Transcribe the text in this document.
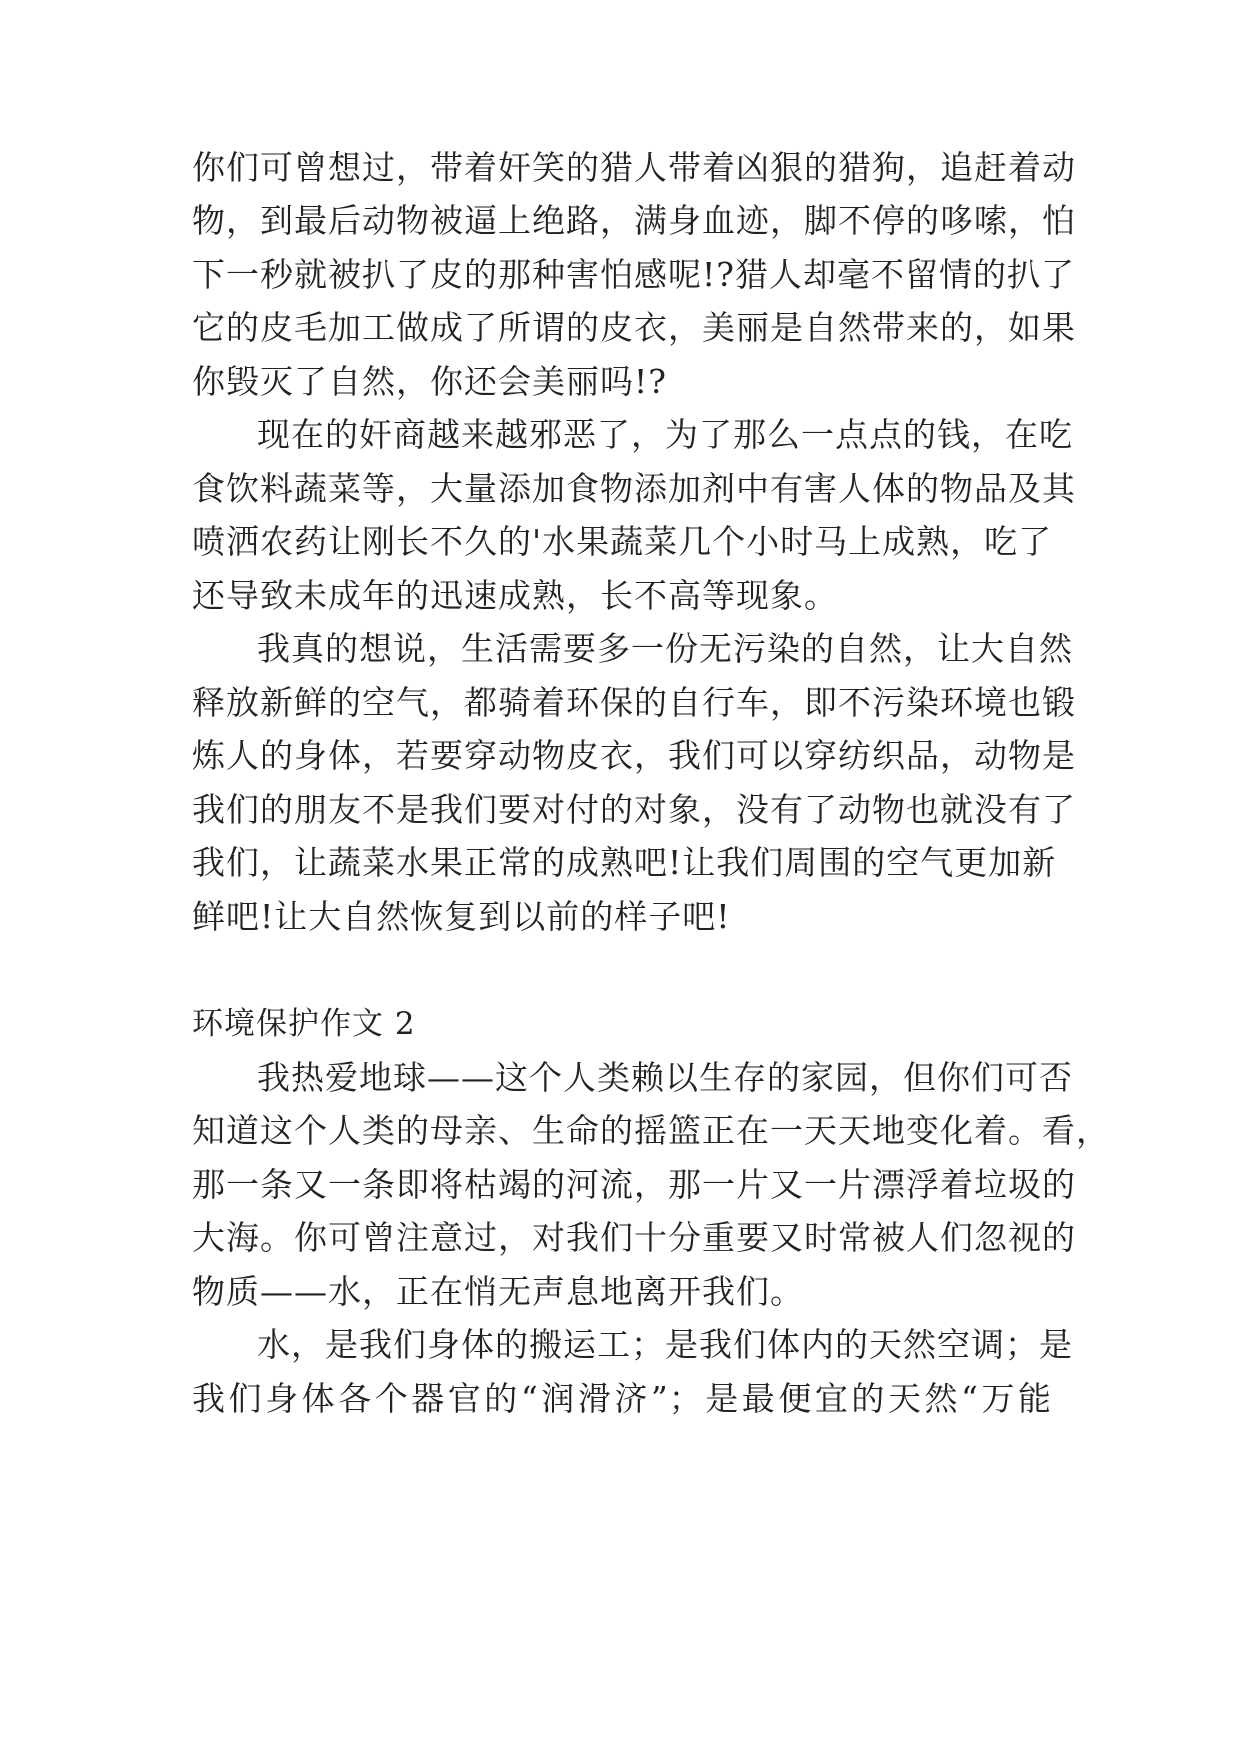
你们可曾想过，带着奸笑的猎人带着凶狠的猎狗，追赶着动
物，到最后动物被逼上绝路，满身血迹，脚不停的哆嗦，怕
下一秒就被扒了皮的那种害怕感呢!?猎人却毫不留情的扒了
它的皮毛加工做成了所谓的皮衣，美丽是自然带来的，如果
你毁灭了自然，你还会美丽吗!?
现在的奸商越来越邪恶了，为了那么一点点的钱，在吃
食饮料蔬菜等，大量添加食物添加剂中有害人体的物品及其
喷洒农药让刚长不久的'水果蔬菜几个小时马上成熟，吃了
还导致未成年的迅速成熟，长不高等现象。
我真的想说，生活需要多一份无污染的自然，让大自然
释放新鲜的空气，都骑着环保的自行车，即不污染环境也锻
炼人的身体，若要穿动物皮衣，我们可以穿纺织品，动物是
我们的朋友不是我们要对付的对象，没有了动物也就没有了
我们，让蔬菜水果正常的成熟吧!让我们周围的空气更加新
鲜吧!让大自然恢复到以前的样子吧!
环境保护作文 2
我热爱地球——这个人类赖以生存的家园，但你们可否
知道这个人类的母亲、生命的摇篮正在一天天地变化着。看，
那一条又一条即将枯竭的河流，那一片又一片漂浮着垃圾的
大海。你可曾注意过，对我们十分重要又时常被人们忽视的
物质——水，正在悄无声息地离开我们。
水，是我们身体的搬运工；是我们体内的天然空调；是
我们身体各个器官的“润滑济”；是最便宜的天然“万能
